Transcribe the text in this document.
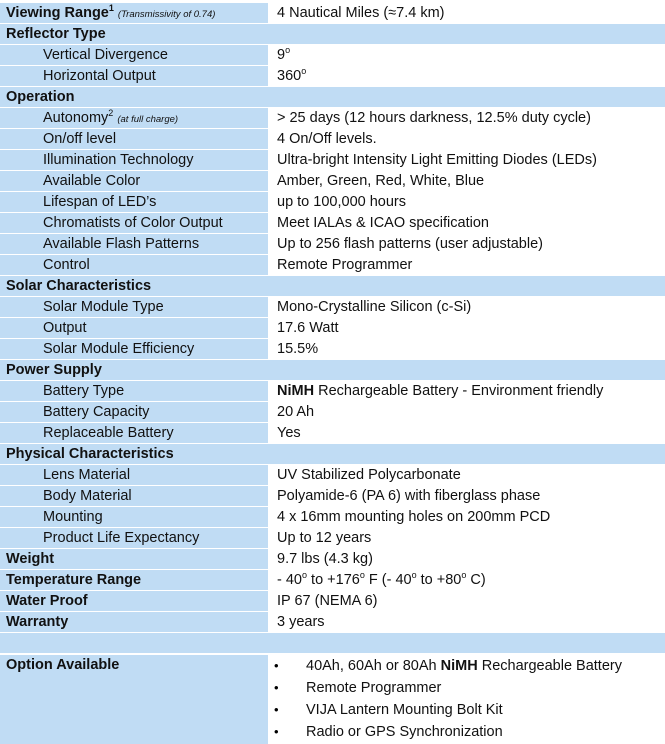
Viewing Range$^1$ (Transmissivity of 0.74)	4 Nautical Miles (≈7.4 km)
Reflector Type
Vertical Divergence	9$^o$
Horizontal Output	360$^o$
Operation
Autonomy$^2$ (at full charge)	> 25 days (12 hours darkness, 12.5% duty cycle)
On/off level	4 On/Off levels.
Illumination Technology	Ultra-bright Intensity Light Emitting Diodes (LEDs)
Available Color	Amber, Green, Red, White, Blue
Lifespan of LED’s	up to 100,000 hours
Chromatists of Color Output	Meet IALAs & ICAO specification
Available Flash Patterns	Up to 256 flash patterns (user adjustable)
Control	Remote Programmer
Solar Characteristics
Solar Module Type	Mono-Crystalline Silicon (c-Si)
Output	17.6 Watt
Solar Module Efficiency	15.5%
Power Supply
Battery Type	NiMH Rechargeable Battery - Environment friendly
Battery Capacity	20 Ah
Replaceable Battery	Yes
Physical Characteristics
Lens Material	UV Stabilized Polycarbonate
Body Material	Polyamide-6 (PA 6) with fiberglass phase
Mounting	4 x 16mm mounting holes on 200mm PCD
Product Life Expectancy	Up to 12 years
Weight	9.7 lbs (4.3 kg)
Temperature Range	- 40$^o$ to $+176^o$ F (- 40$^o$ to $+80^o$ C)
Water Proof	IP 67 (NEMA 6)
Warranty	3 years
Option Available	• 40Ah, 60Ah or 80Ah NiMH Rechargeable Battery
• Remote Programmer
• VIJA Lantern Mounting Bolt Kit
• Radio or GPS Synchronization
